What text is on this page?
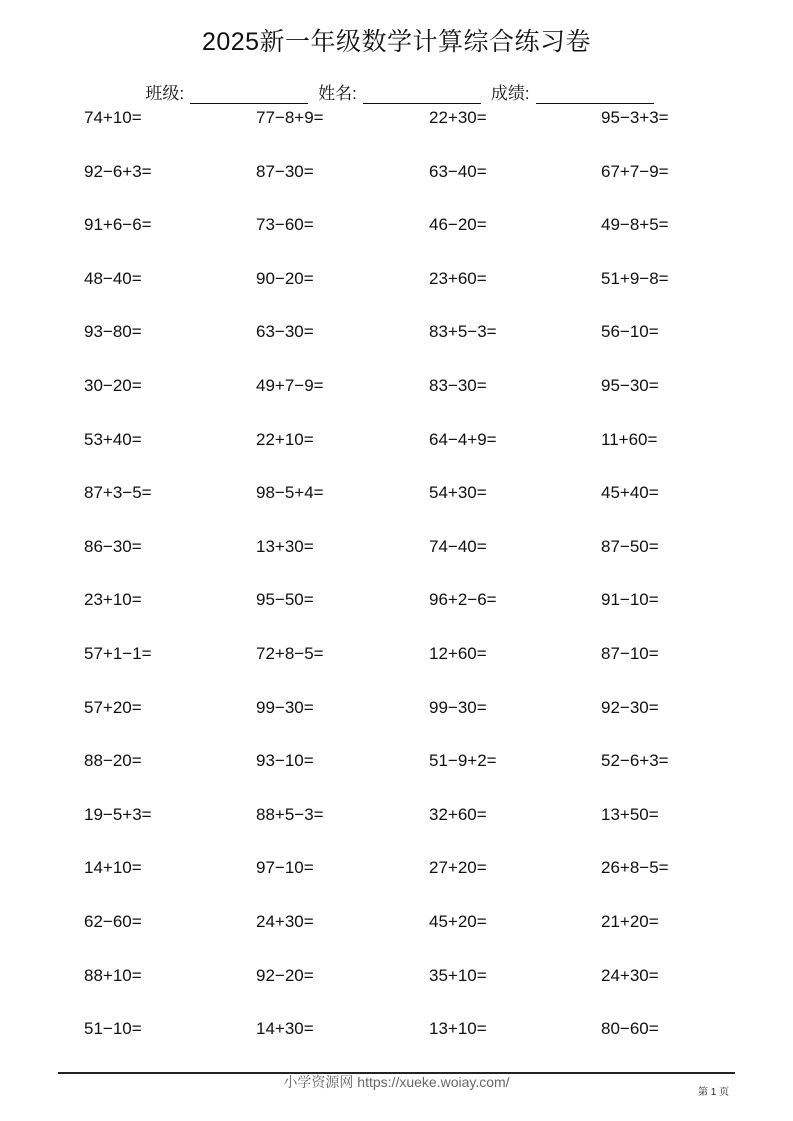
2025新一年级数学计算综合练习卷
班级:	姓名:	成绩:
74+10=	77−8+9=	22+30=	95−3+3=
92−6+3=	87−30=	63−40=	67+7−9=
91+6−6=	73−60=	46−20=	49−8+5=
48−40=	90−20=	23+60=	51+9−8=
93−80=	63−30=	83+5−3=	56−10=
30−20=	49+7−9=	83−30=	95−30=
53+40=	22+10=	64−4+9=	11+60=
87+3−5=	98−5+4=	54+30=	45+40=
86−30=	13+30=	74−40=	87−50=
23+10=	95−50=	96+2−6=	91−10=
57+1−1=	72+8−5=	12+60=	87−10=
57+20=	99−30=	99−30=	92−30=
88−20=	93−10=	51−9+2=	52−6+3=
19−5+3=	88+5−3=	32+60=	13+50=
14+10=	97−10=	27+20=	26+8−5=
62−60=	24+30=	45+20=	21+20=
88+10=	92−20=	35+10=	24+30=
51−10=	14+30=	13+10=	80−60=
小学资源网 https://xueke.woiay.com/
第 1 页
